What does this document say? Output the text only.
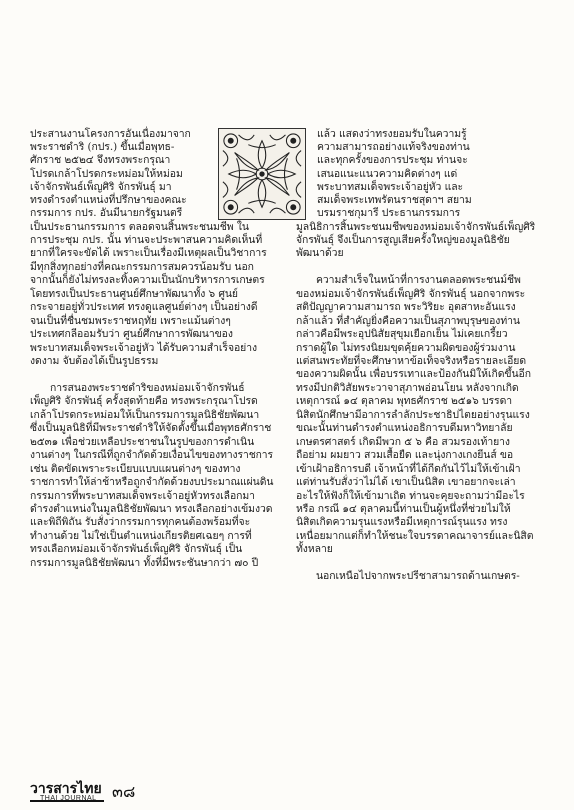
ประสานงานโครงการอันเนื่องมาจาก
พระราชดำริ (กปร.) ขึ้นเมื่อพุทธ-
ศักราช ๒๕๒๔ จึงทรงพระกรุณา
โปรดเกล้าโปรดกระหม่อมให้หม่อม
เจ้าจักรพันธ์เพ็ญศิริ จักรพันธุ์ มา
ทรงดำรงตำแหน่งที่ปรึกษาของคณะ
กรรมการ กปร. อันมีนายกรัฐมนตรี
เป็นประธานกรรมการ ตลอดจนสิ้นพระชนมชีพ ใน
การประชุม กปร. นั้น ท่านจะประพาสนความคิดเห็นที่
ยากที่ใครจะขัดได้ เพราะเป็นเรื่องมีเหตุผลเป็นวิชาการ
มีทุกสิ่งทุกอย่างที่คณะกรรมการสมควรน้อมรับ นอก
จากนั้นก็ยังไม่ทรงละทิ้งความเป็นนักบริหารการเกษตร
โดยทรงเป็นประธานศูนย์ศึกษาพัฒนาทั้ง ๖ ศูนย์
กระจายอยู่ทั่วประเทศ ทรงดูแลศูนย์ต่างๆ เป็นอย่างดี
จนเป็นที่ชื่นชมพระราชหฤทัย เพราะแม้นต่างๆ
ประเทศกลีออมรับว่า ศูนย์ศึกษาการพัฒนาของ
พระบาทสมเด็จพระเจ้าอยู่หัว ได้รับความสำเร็จอย่าง
งดงาม จับต้องได้เป็นรูปธรรม
การสนองพระราชดำริของหม่อมเจ้าจักรพันธ์
เพ็ญศิริ จักรพันธุ์ ครั้งสุดท้ายคือ ทรงพระกรุณาโปรด
เกล้าโปรดกระหม่อมให้เป็นกรรมการมูลนิธิชัยพัฒนา
ซึ่งเป็นมูลนิธิที่มีพระราชดำริให้จัดตั้งขึ้นเมื่อพุทธศักราช
๒๕๓๑ เพื่อช่วยเหลือประชาชนในรูปของการดำเนิน
งานต่างๆ ในกรณีที่ถูกจำกัดด้วยเงื่อนไขของทางราชการ
เช่น ติดขัดเพราะระเบียบแบบแผนต่างๆ ของทาง
ราชการทำให้ล่าช้าหรือถูกจำกัดด้วยงบประมาณแผ่นดิน
กรรมการที่พระบาทสมเด็จพระเจ้าอยู่หัวทรงเลือกมา
ดำรงตำแหน่งในมูลนิธิชัยพัฒนา ทรงเลือกอย่างเข้มงวด
และพิถีพิถัน รับสั่งว่ากรรมการทุกคนต้องพร้อมที่จะ
ทำงานด้วย ไม่ใช่เป็นตำแหน่งเกียรติยศเฉยๆ การที่
ทรงเลือกหม่อมเจ้าจักรพันธ์เพ็ญศิริ จักรพันธุ์ เป็น
กรรมการมูลนิธิชัยพัฒนา ทั้งที่มีพระชันษากว่า ๗๐ ปี
แล้ว แสดงว่าทรงยอมรับในความรู้
ความสามารถอย่างแท้จริงของท่าน
และทุกครั้งของการประชุม ท่านจะ
เสนอแนะแนวความคิดต่างๆ แด่
พระบาทสมเด็จพระเจ้าอยู่หัว และ
สมเด็จพระเทพรัตนราชสุดาฯ สยาม
บรมราชกุมารี ประธานกรรมการ
มูลนิธิการสิ้นพระชนมชีพของหม่อมเจ้าจักรพันธ์เพ็ญศิริ
จักรพันธุ์ จึงเป็นการสูญเสียครั้งใหญ่ของมูลนิธิชัย
พัฒนาด้วย
ความสำเร็จในหน้าที่การงานตลอดพระชนม์ชีพ
ของหม่อมเจ้าจักรพันธ์เพ็ญศิริ จักรพันธุ์ นอกจากพระ
สติปัญญาความสามารถ พระวิริยะ อุตสาหะอันแรง
กล้าแล้ว ที่สำคัญยิ่งคือความเป็นสุภาพบุรุษของท่าน
กล่าวคือมีพระอุปนิสัยสุขุมเยือกเย็น ไม่เคยเกรี้ยว
กราดผู้ใด ไม่ทรงนิยมขุดคุ้ยความผิดของผู้ร่วมงาน
แต่สนพระทัยที่จะศึกษาหาข้อเท็จจริงหรือรายละเอียด
ของความผิดนั้น เพื่อบรรเทาและป้องกันมิให้เกิดขึ้นอีก
ทรงมีปกติวิสัยพระวาจาสุภาพอ่อนโยน หลังจากเกิด
เหตุการณ์ ๑๔ ตุลาคม พุทธศักราช ๒๕๑๖ บรรดา
นิสิตนักศึกษามีอาการลำลักประชาธิปไตยอย่างรุนแรง
ขณะนั้นท่านดำรงตำแหน่งอธิการบดีมหาวิทยาลัย
เกษตรศาสตร์ เกิดมีพวก ๕ ๖ คือ สวมรองเท้ายาง
ถือย่าม ผมยาว สวมเสื้อยืด และนุ่งกางเกงยีนส์ ขอ
เข้าเฝ้าอธิการบดี เจ้าหน้าที่ได้กีดกันไว้ไม่ให้เข้าเฝ้า
แต่ท่านรับสั่งว่าไม่ได้ เขาเป็นนิสิต เขาอยากจะเล่า
อะไรให้ฟังก็ให้เข้ามาเถิด ท่านจะคุยจะถามว่ามีอะไร
หรือ กรณี ๑๔ ตุลาคมนี้ท่านเป็นผู้หนึ่งที่ช่วยไม่ให้
นิสิตเกิดความรุนแรงหรือมีเหตุการณ์รุนแรง ทรง
เหนื่อยมากแต่ก็ทำให้ชนะใจบรรดาคณาจารย์และนิสิต
ทั้งหลาย
นอกเหนือไปจากพระปรีชาสามารถด้านเกษตร-
วารสารไทย
THAI JOURNAL ๓๘
